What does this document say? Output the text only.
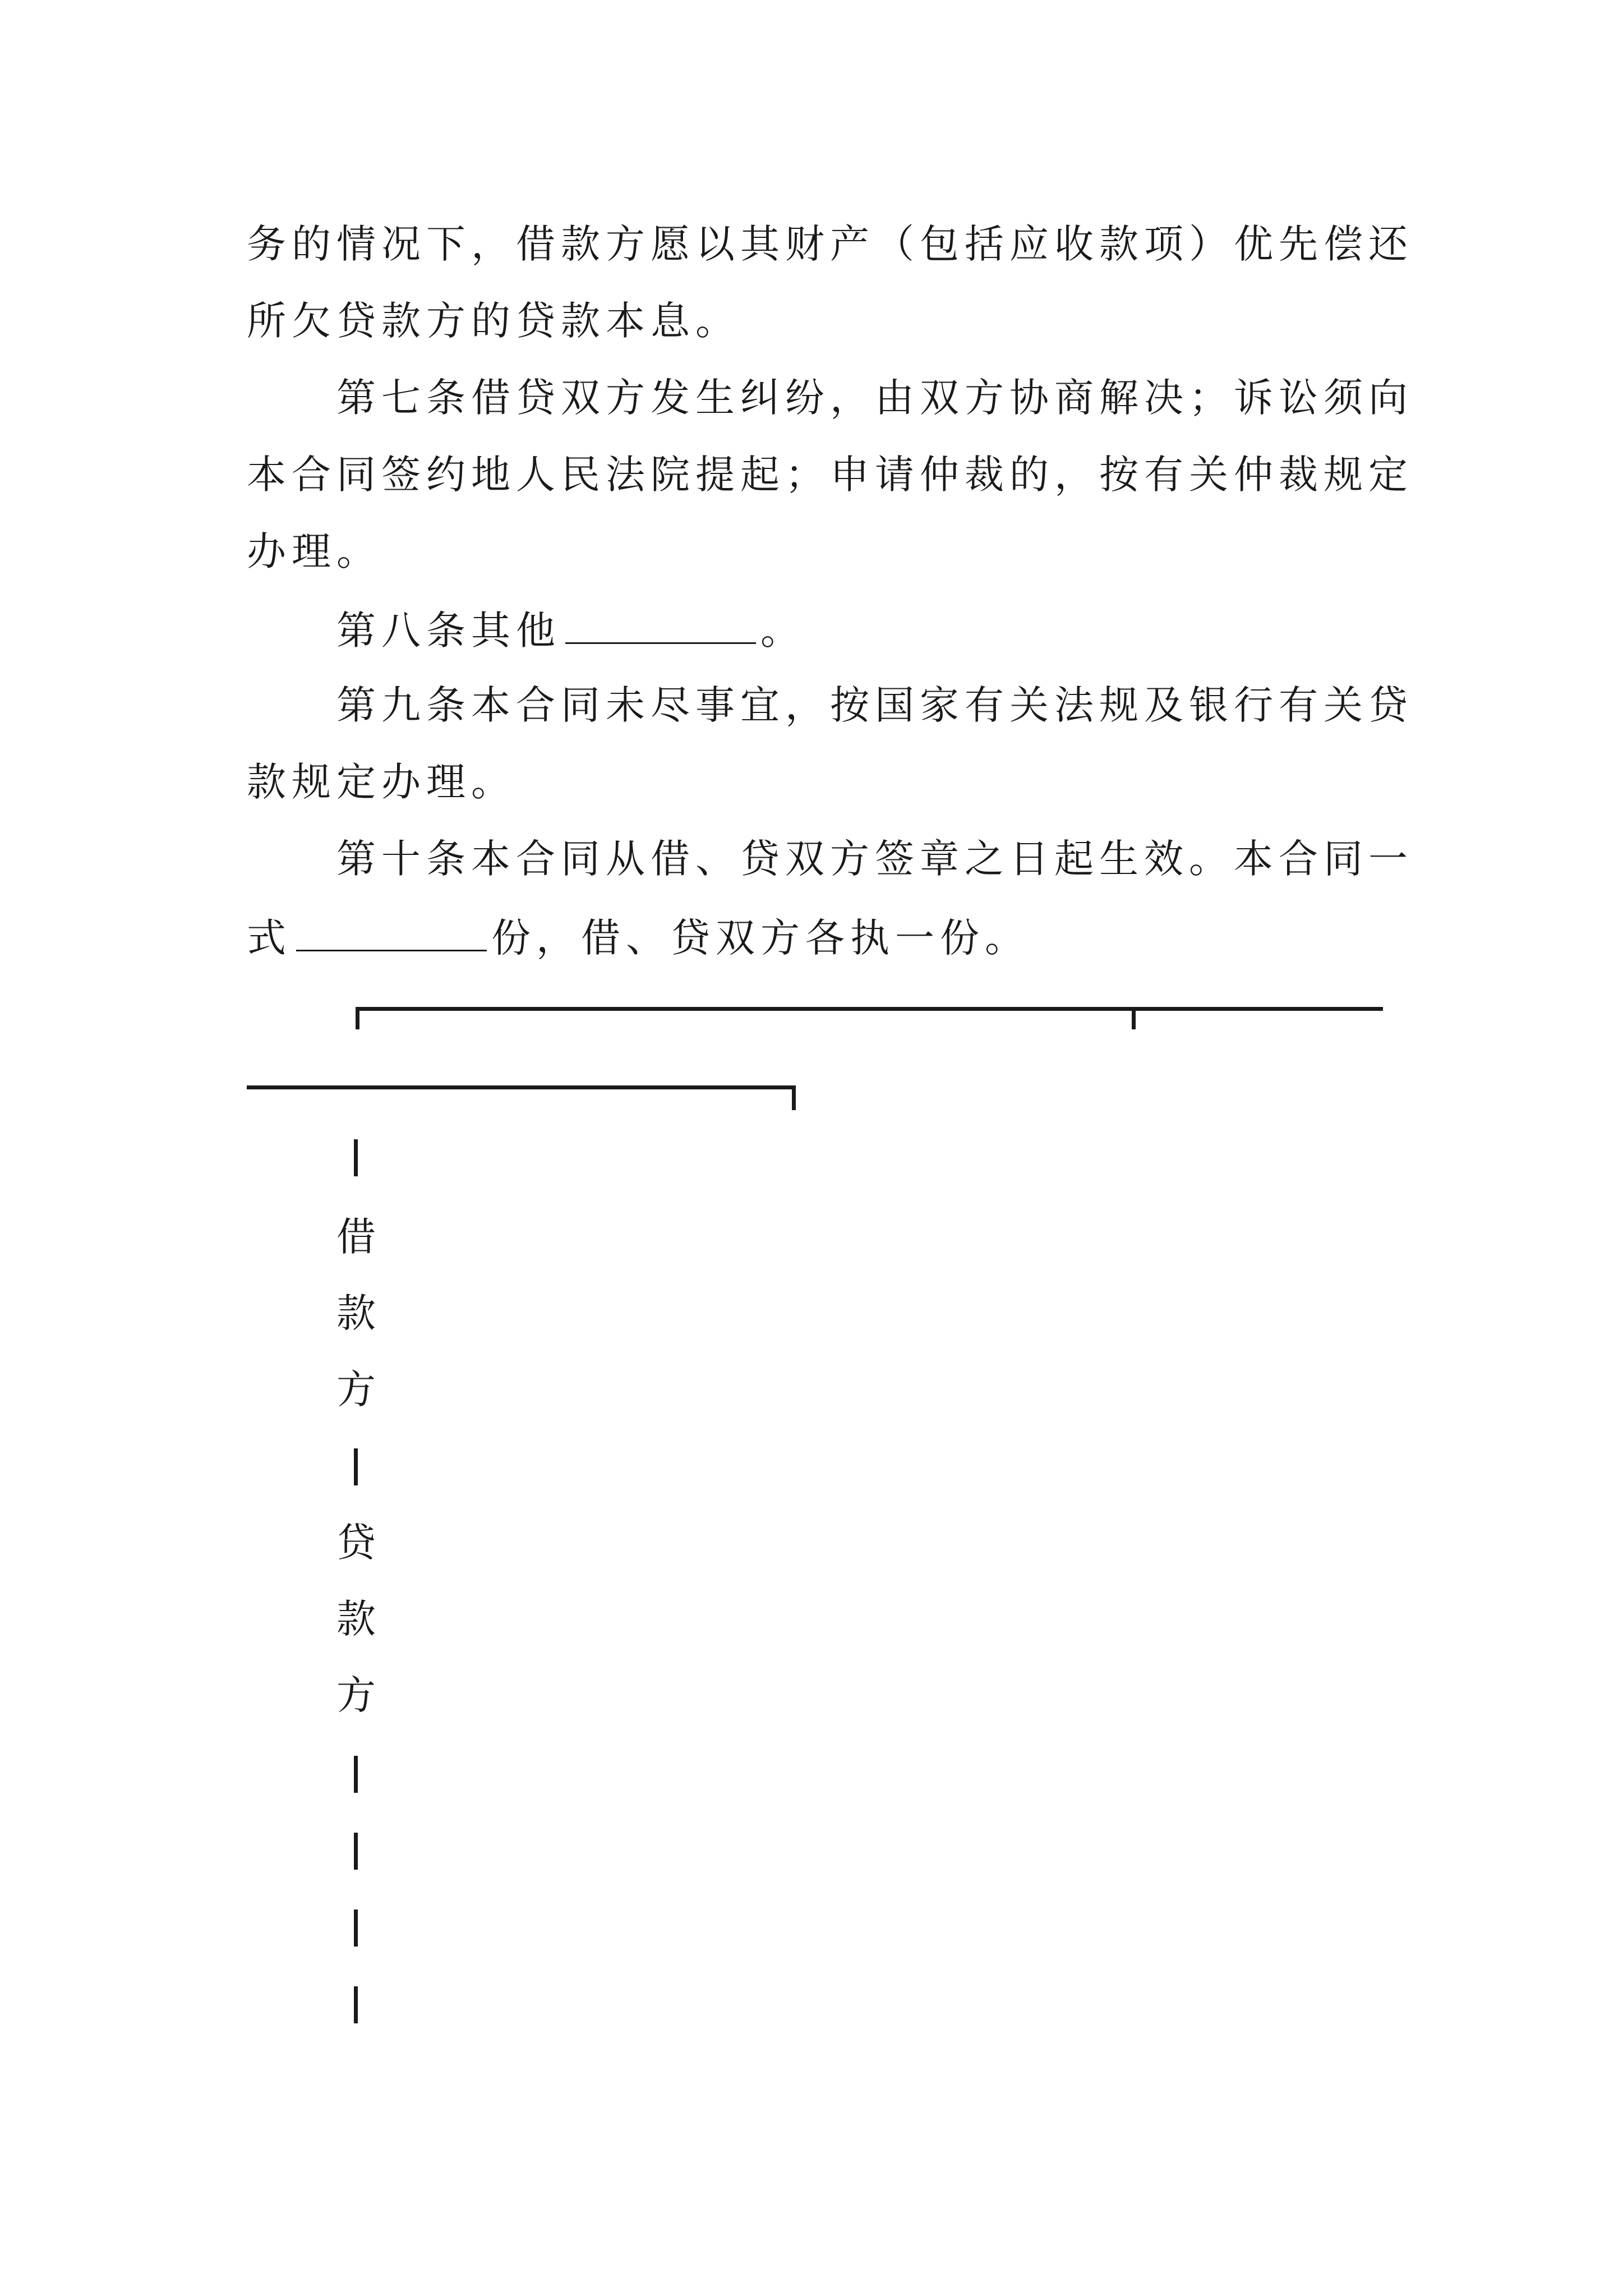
务的情况下，借款方愿以其财产（包括应收款项）优先偿还
所欠贷款方的贷款本息。
第七条借贷双方发生纠纷，由双方协商解决；诉讼须向
本合同签约地人民法院提起；申请仲裁的，按有关仲裁规定
办理。
第八条其他	。
第九条本合同未尽事宜，按国家有关法规及银行有关贷
款规定办理。
第十条本合同从借、贷双方签章之日起生效。本合同一
式	份，借、贷双方各执一份。
借
款
方
贷
款
方
